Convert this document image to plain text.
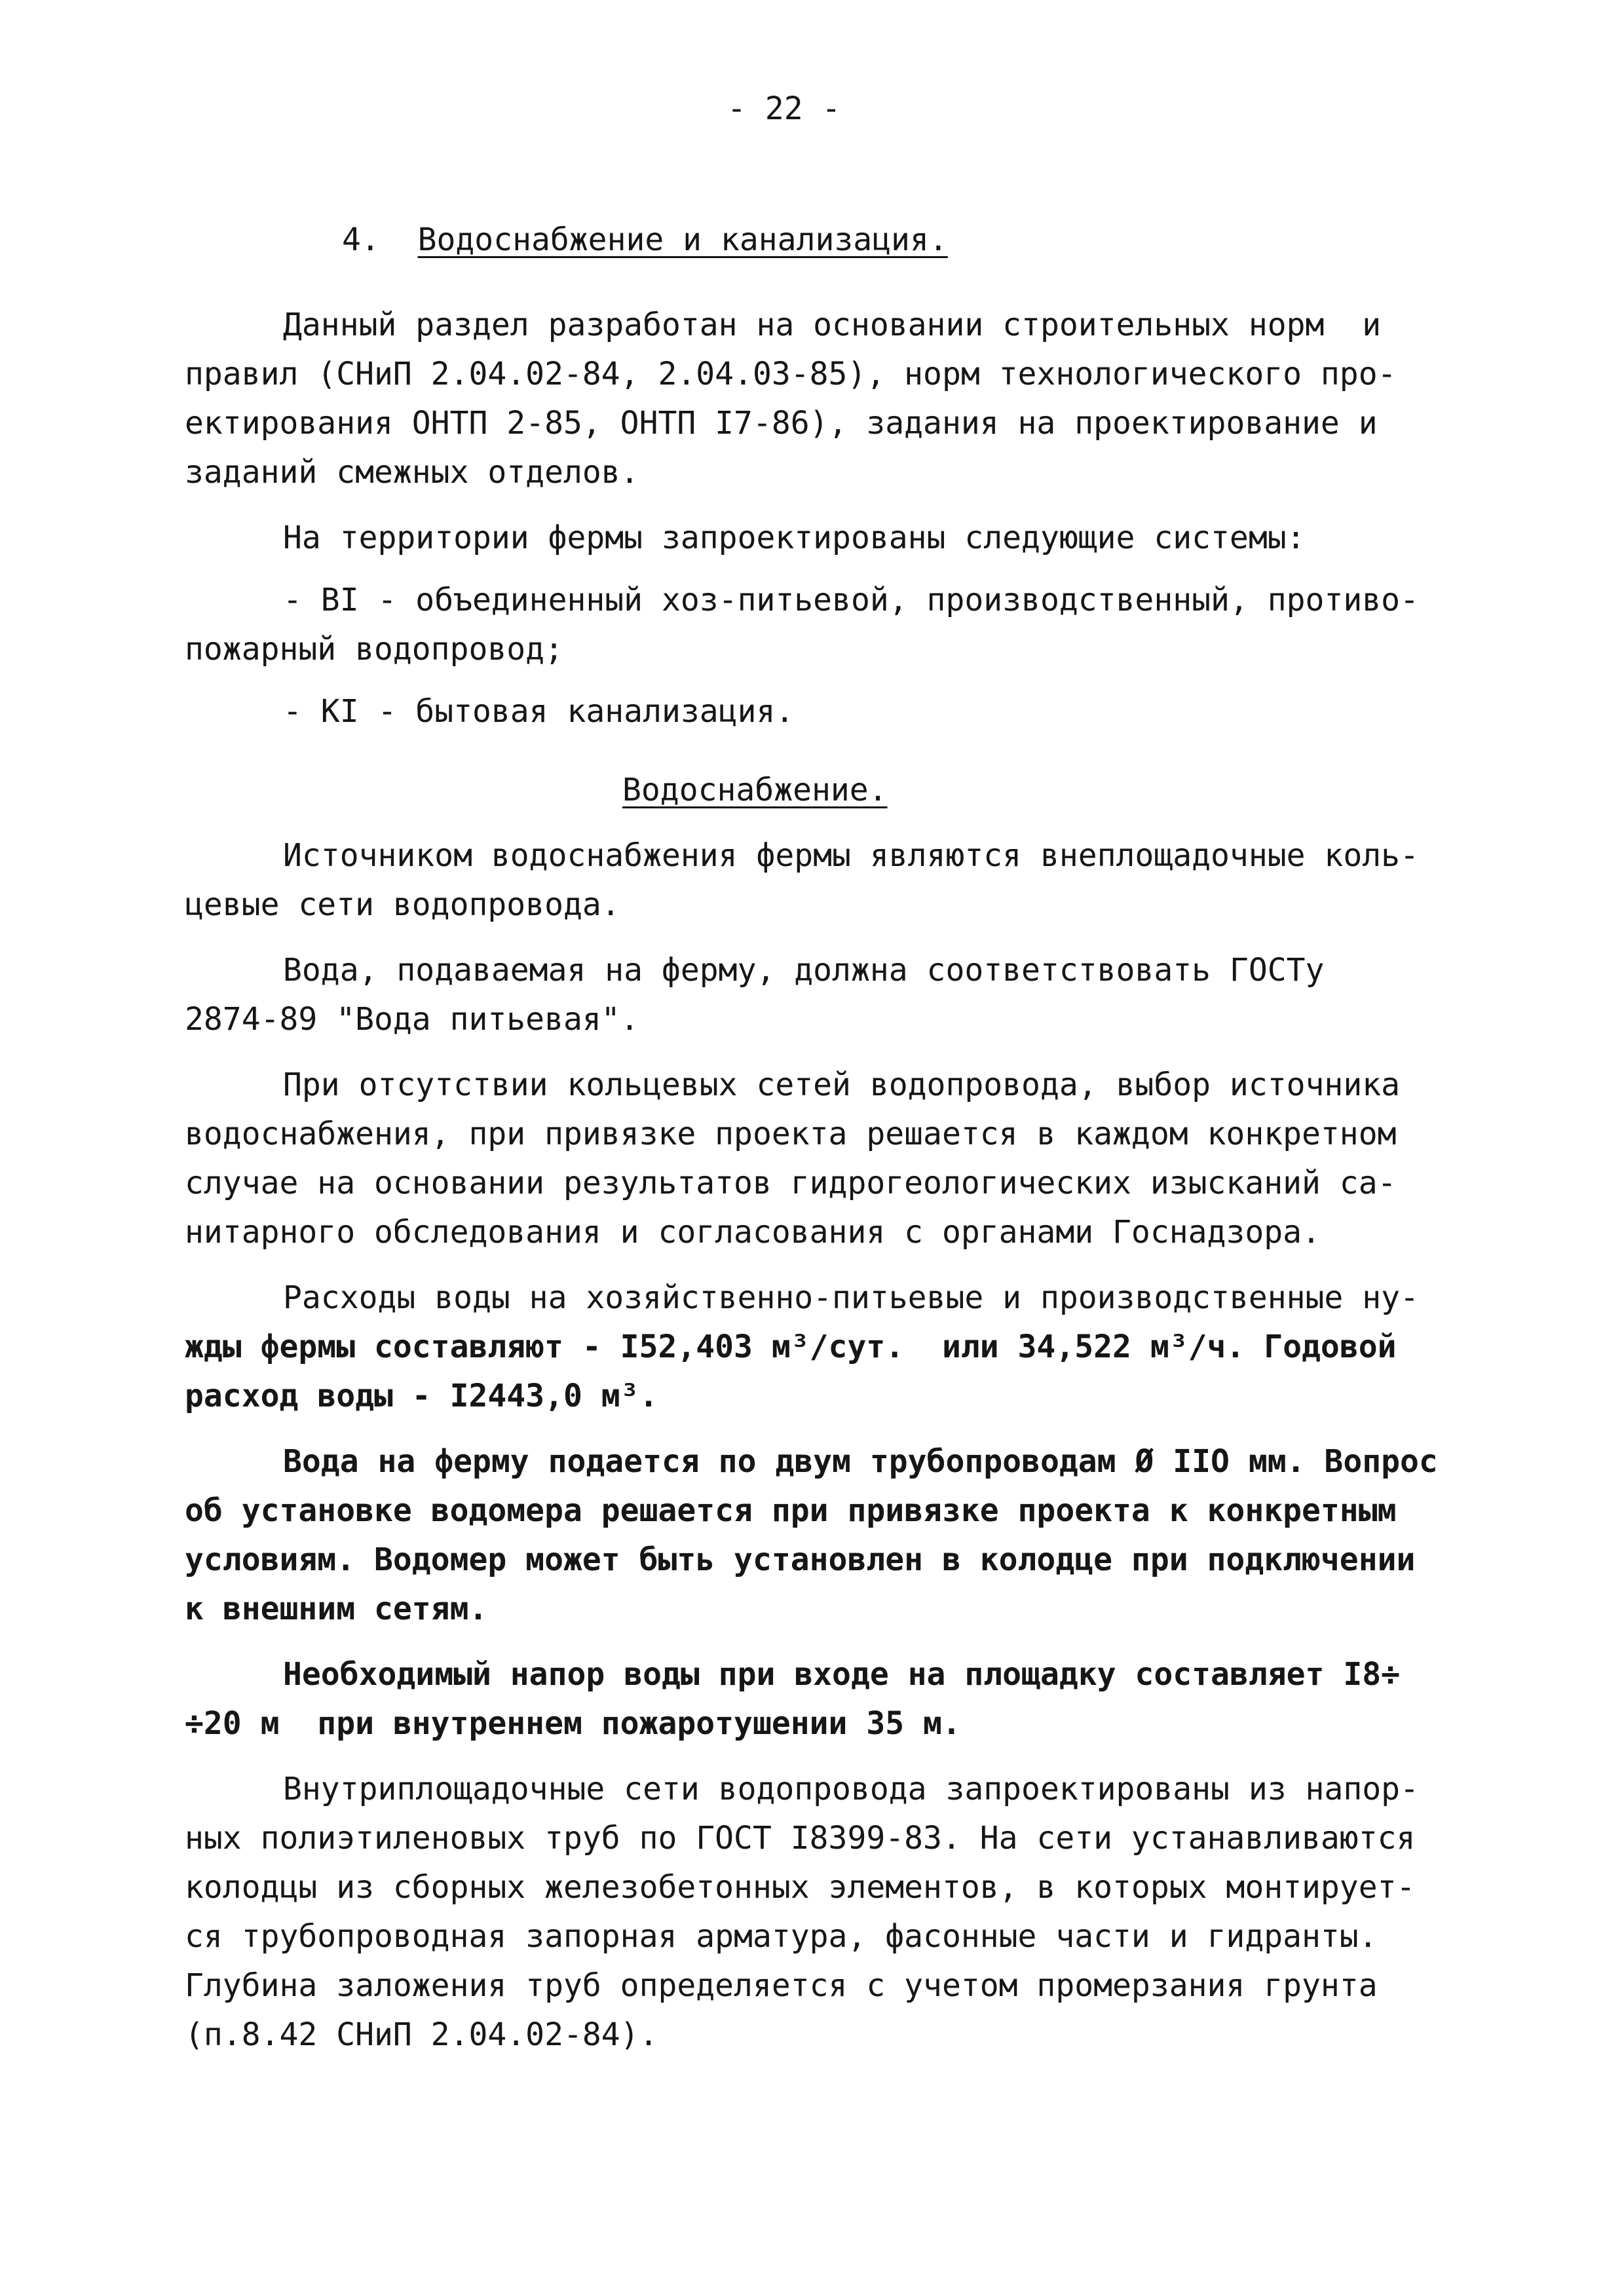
- 22 -

4. Водоснабжение и канализация.

Данный раздел разработан на основании строительных норм  и

правил (СНиП 2.04.02-84, 2.04.03-85), норм технологического про-

ектирования ОНТП 2-85, ОНТП I7-86), задания на проектирование и

заданий смежных отделов.

На территории фермы запроектированы следующие системы:

- BI - объединенный хоз-питьевой, производственный, противо-

пожарный водопровод;

- КI - бытовая канализация.

Водоснабжение.

Источником водоснабжения фермы являются внеплощадочные коль-

цевые сети водопровода.

Вода, подаваемая на ферму, должна соответствовать ГОСТу

2874-89 "Вода питьевая".

При отсутствии кольцевых сетей водопровода, выбор источника

водоснабжения, при привязке проекта решается в каждом конкретном

случае на основании результатов гидрогеологических изысканий са-

нитарного обследования и согласования с органами Госнадзора.

Расходы воды на хозяйственно-питьевые и производственные ну-

жды фермы составляют - I52,403 м³/сут.  или 34,522 м³/ч. Годовой

расход воды - I2443,0 м³.

Вода на ферму подается по двум трубопроводам Ø IIO мм. Вопрос

об установке водомера решается при привязке проекта к конкретным

условиям. Водомер может быть установлен в колодце при подключении

к внешним сетям.

Необходимый напор воды при входе на площадку составляет I8÷

÷20 м  при внутреннем пожаротушении 35 м.

Внутриплощадочные сети водопровода запроектированы из напор-

ных полиэтиленовых труб по ГОСТ I8399-83. На сети устанавливаются

колодцы из сборных железобетонных элементов, в которых монтирует-

ся трубопроводная запорная арматура, фасонные части и гидранты.

Глубина заложения труб определяется с учетом промерзания грунта

(п.8.42 СНиП 2.04.02-84).
